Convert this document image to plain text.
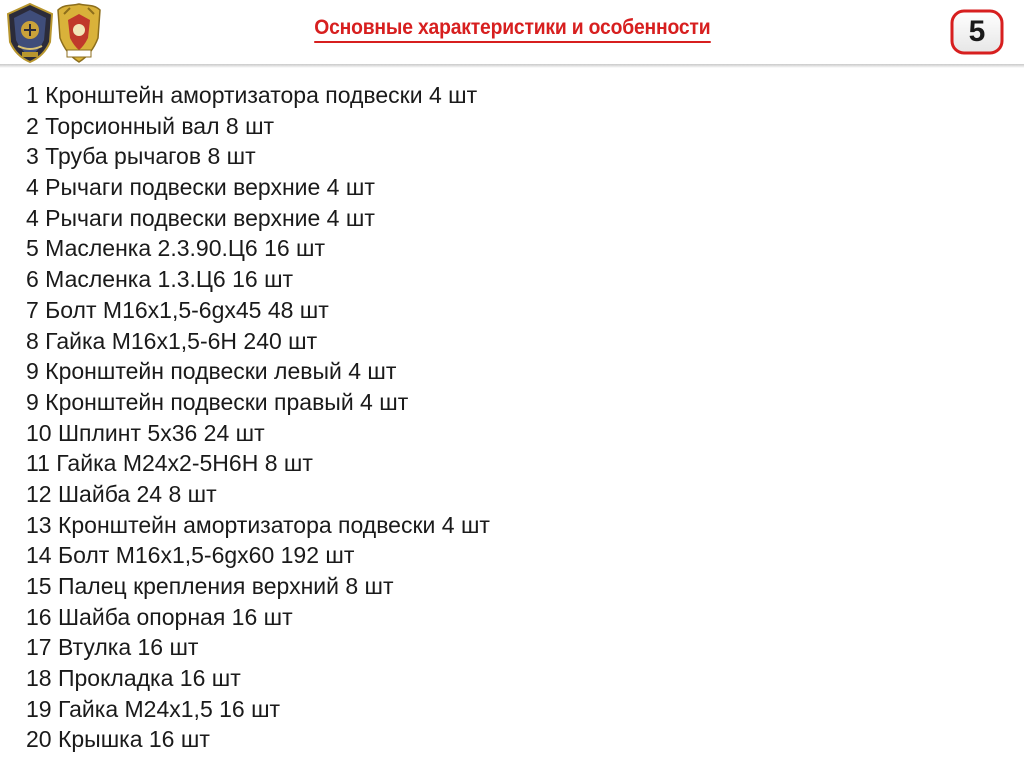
Основные характеристики и особенности	5
1 Кронштейн амортизатора подвески 4 шт
2 Торсионный вал 8 шт
3 Труба рычагов 8 шт
4 Рычаги подвески верхние 4 шт
4 Рычаги подвески верхние 4 шт
5 Масленка 2.3.90.Ц6 16 шт
6 Масленка 1.3.Ц6 16 шт
7 Болт М16х1,5-6gх45 48 шт
8 Гайка М16х1,5-6Н 240 шт
9 Кронштейн подвески левый 4 шт
9 Кронштейн подвески правый 4 шт
10 Шплинт 5х36 24 шт
11 Гайка М24х2-5Н6Н 8 шт
12 Шайба 24 8 шт
13 Кронштейн амортизатора подвески 4 шт
14 Болт М16х1,5-6gх60 192 шт
15 Палец крепления верхний 8 шт
16 Шайба опорная 16 шт
17 Втулка 16 шт
18 Прокладка 16 шт
19 Гайка М24х1,5 16 шт
20 Крышка 16 шт
